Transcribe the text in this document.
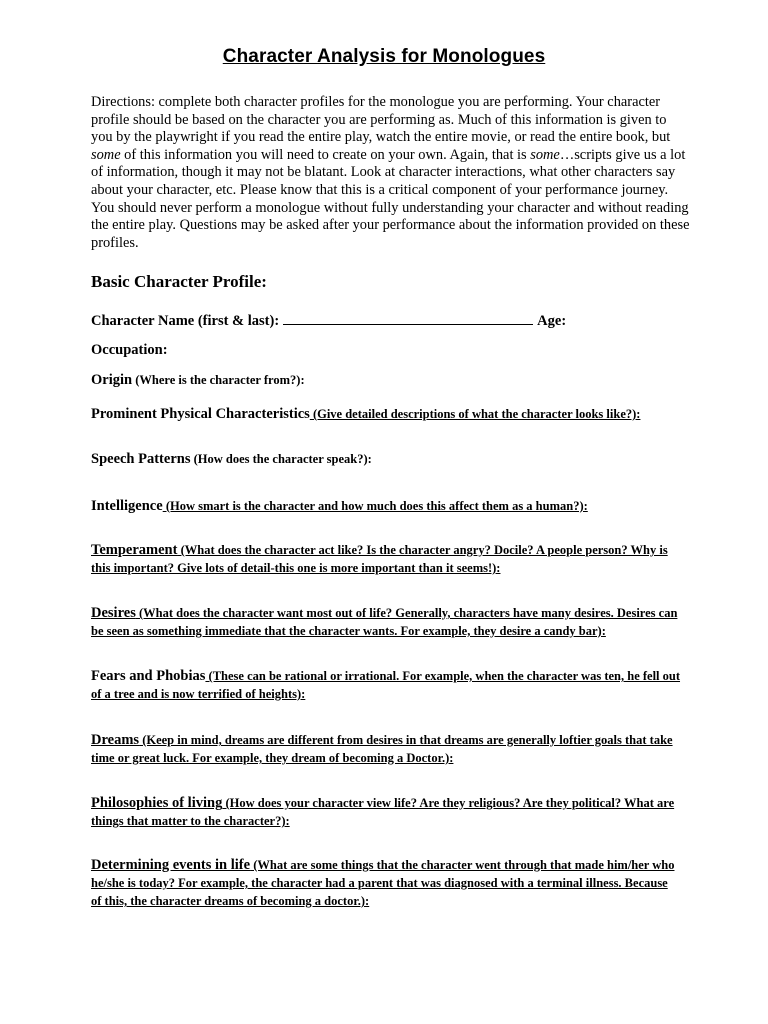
Character Analysis for Monologues
Directions: complete both character profiles for the monologue you are performing. Your character profile should be based on the character you are performing as. Much of this information is given to you by the playwright if you read the entire play, watch the entire movie, or read the entire book, but some of this information you will need to create on your own. Again, that is some…scripts give us a lot of information, though it may not be blatant. Look at character interactions, what other characters say about your character, etc. Please know that this is a critical component of your performance journey. You should never perform a monologue without fully understanding your character and without reading the entire play. Questions may be asked after your performance about the information provided on these profiles.
Basic Character Profile:
Character Name (first & last):	Age:
Occupation:
Origin (Where is the character from?):
Prominent Physical Characteristics (Give detailed descriptions of what the character looks like?):
Speech Patterns (How does the character speak?):
Intelligence (How smart is the character and how much does this affect them as a human?):
Temperament (What does the character act like? Is the character angry? Docile? A people person? Why is this important? Give lots of detail-this one is more important than it seems!):
Desires (What does the character want most out of life? Generally, characters have many desires. Desires can be seen as something immediate that the character wants. For example, they desire a candy bar):
Fears and Phobias (These can be rational or irrational. For example, when the character was ten, he fell out of a tree and is now terrified of heights):
Dreams (Keep in mind, dreams are different from desires in that dreams are generally loftier goals that take time or great luck. For example, they dream of becoming a Doctor.):
Philosophies of living (How does your character view life? Are they religious? Are they political? What are things that matter to the character?):
Determining events in life (What are some things that the character went through that made him/her who he/she is today? For example, the character had a parent that was diagnosed with a terminal illness. Because of this, the character dreams of becoming a doctor.):
